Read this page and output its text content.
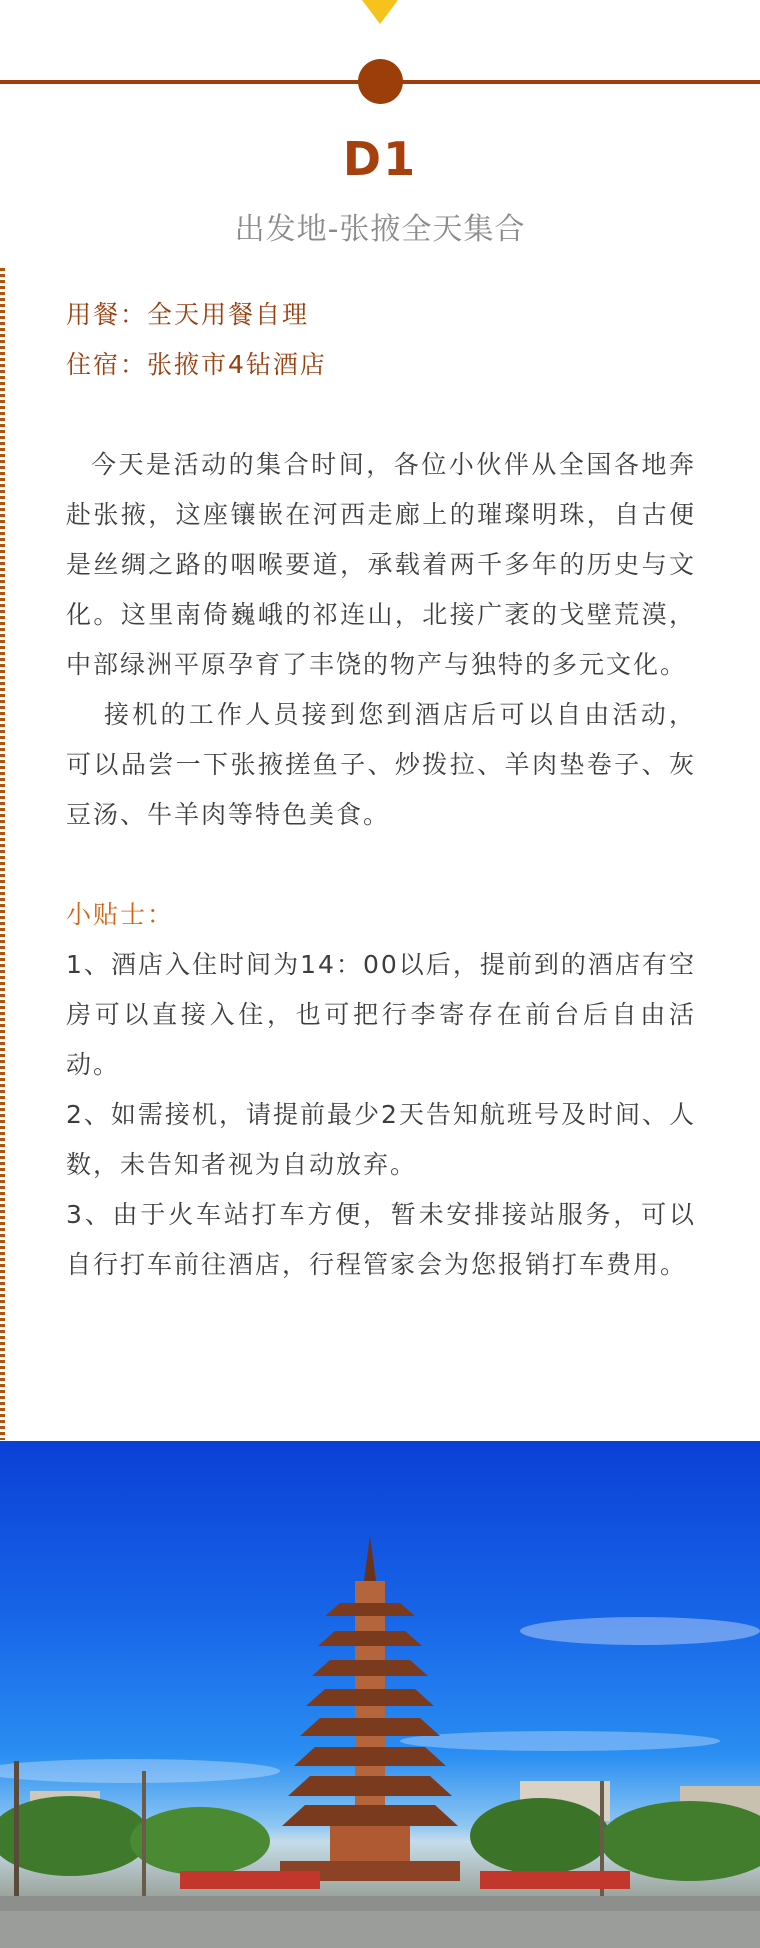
D1
出发地-张掖全天集合
用餐：全天用餐自理
住宿：张掖市4钻酒店
今天是活动的集合时间，各位小伙伴从全国各地奔赴张掖，这座镶嵌在河西走廊上的璀璨明珠，自古便是丝绸之路的咽喉要道，承载着两千多年的历史与文化。这里南倚巍峨的祁连山，北接广袤的戈壁荒漠，中部绿洲平原孕育了丰饶的物产与独特的多元文化。
接机的工作人员接到您到酒店后可以自由活动，可以品尝一下张掖搓鱼子、炒拨拉、羊肉垫卷子、灰豆汤、牛羊肉等特色美食。
小贴士：
1、酒店入住时间为14：00以后，提前到的酒店有空房可以直接入住，也可把行李寄存在前台后自由活动。
2、如需接机，请提前最少2天告知航班号及时间、人数，未告知者视为自动放弃。
3、由于火车站打车方便，暂未安排接站服务，可以自行打车前往酒店，行程管家会为您报销打车费用。
